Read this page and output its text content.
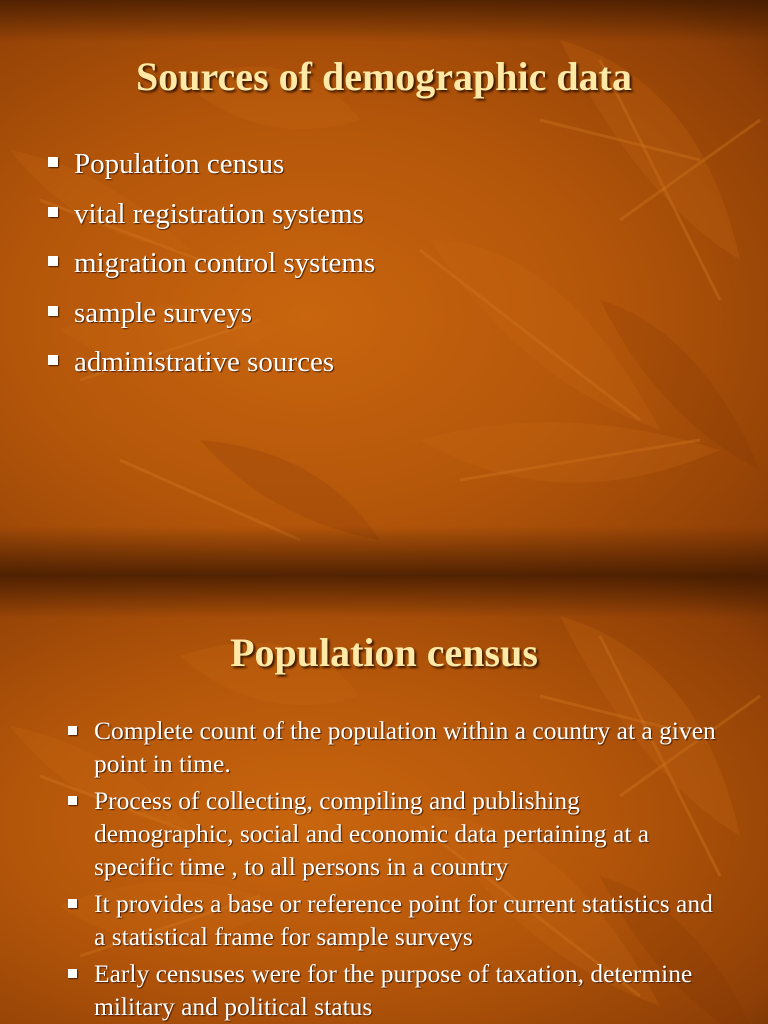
Sources of demographic data
Population census
vital registration systems
migration control systems
sample surveys
administrative sources
Population census
Complete count of the population within a country at a given point in time.
Process of collecting, compiling and publishing demographic, social and economic data pertaining at a specific time , to all persons in a country
It provides a base or reference point for current statistics and a statistical frame for sample surveys
Early censuses were for the purpose of taxation, determine military and political status
